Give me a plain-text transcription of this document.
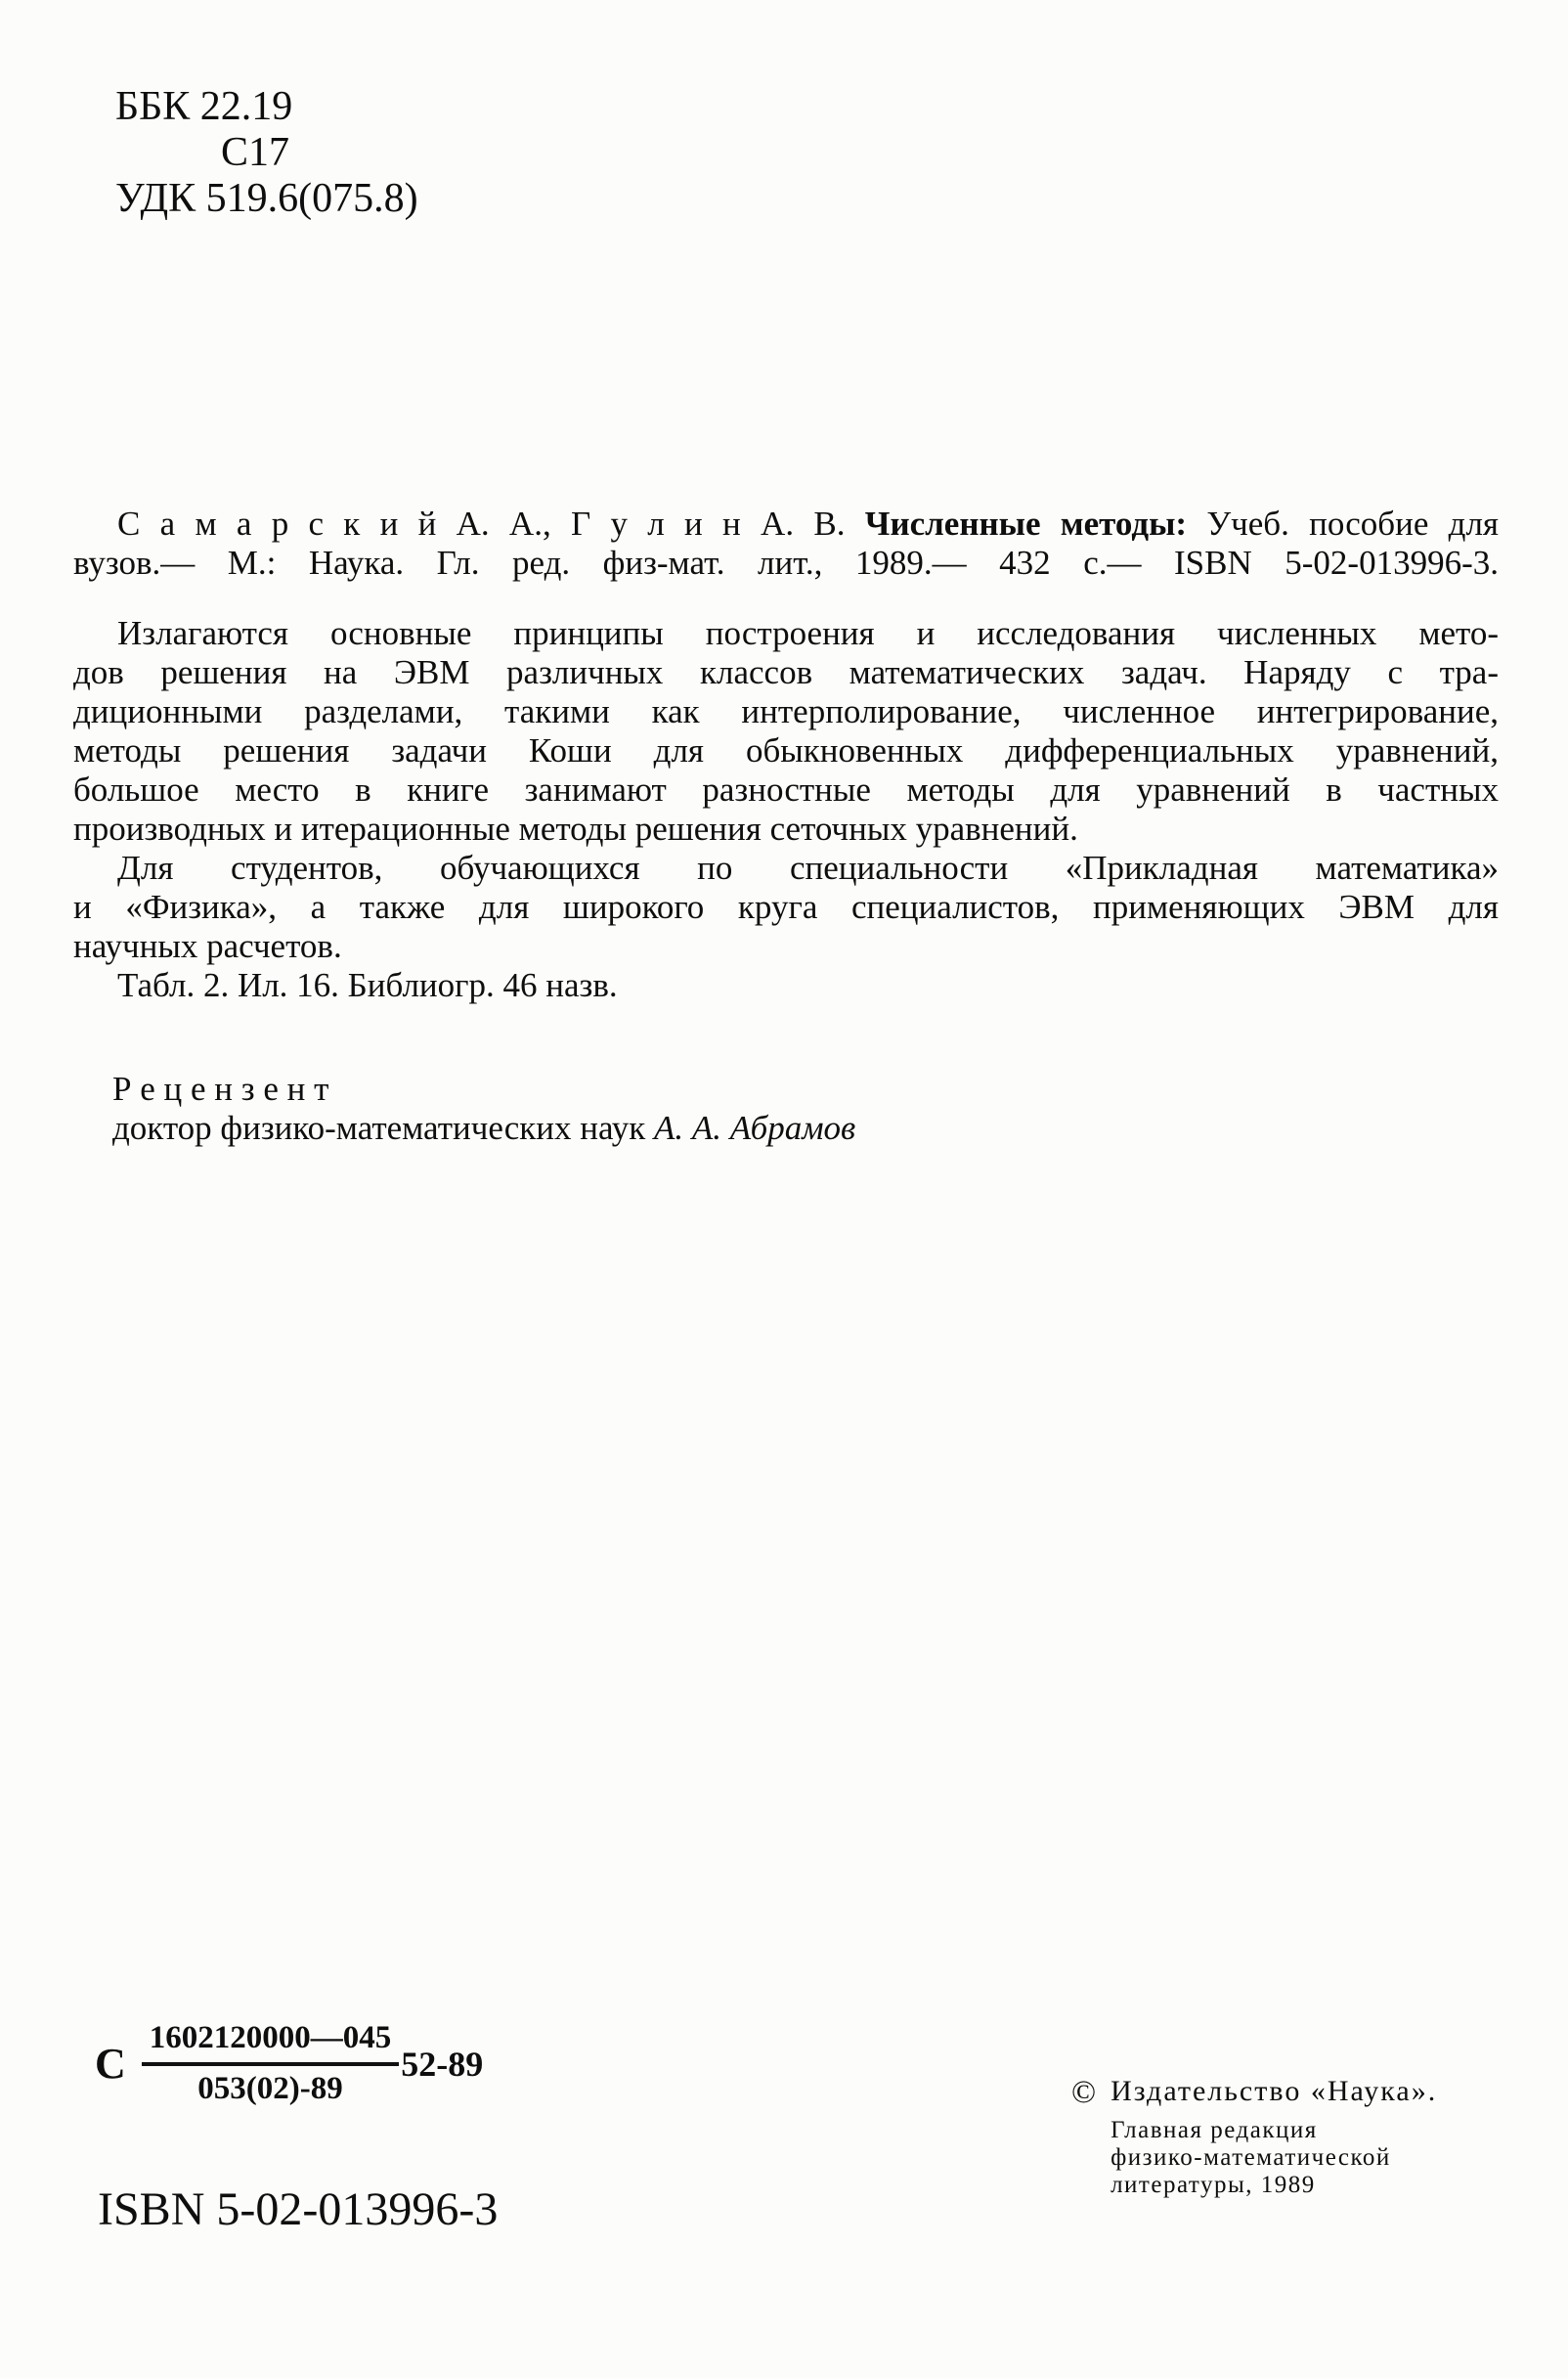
ББК 22.19
С17
УДК 519.6(075.8)
С а м а р с к и й А. А., Г у л и н А. В. Численные методы: Учеб. пособие для
вузов.— М.: Наука. Гл. ред. физ-мат. лит., 1989.— 432 с.— ISBN 5-02-013996-3.
Излагаются основные принципы построения и исследования численных мето-
дов решения на ЭВМ различных классов математических задач. Наряду с тра-
диционными разделами, такими как интерполирование, численное интегрирование,
методы решения задачи Коши для обыкновенных дифференциальных уравнений,
большое место в книге занимают разностные методы для уравнений в частных
производных и итерационные методы решения сеточных уравнений.
Для студентов, обучающихся по специальности «Прикладная математика»
и «Физика», а также для широкого круга специалистов, применяющих ЭВМ для
научных расчетов.
Табл. 2. Ил. 16. Библиогр. 46 назв.
Р е ц е н з е н т
доктор физико-математических наук А. А. Абрамов
С $\frac{1602120000—045}{053(02)-89} 52-89$
© Издательство «Наука».
Главная редакция
физико-математической
литературы, 1989
ISBN 5-02-013996-3
